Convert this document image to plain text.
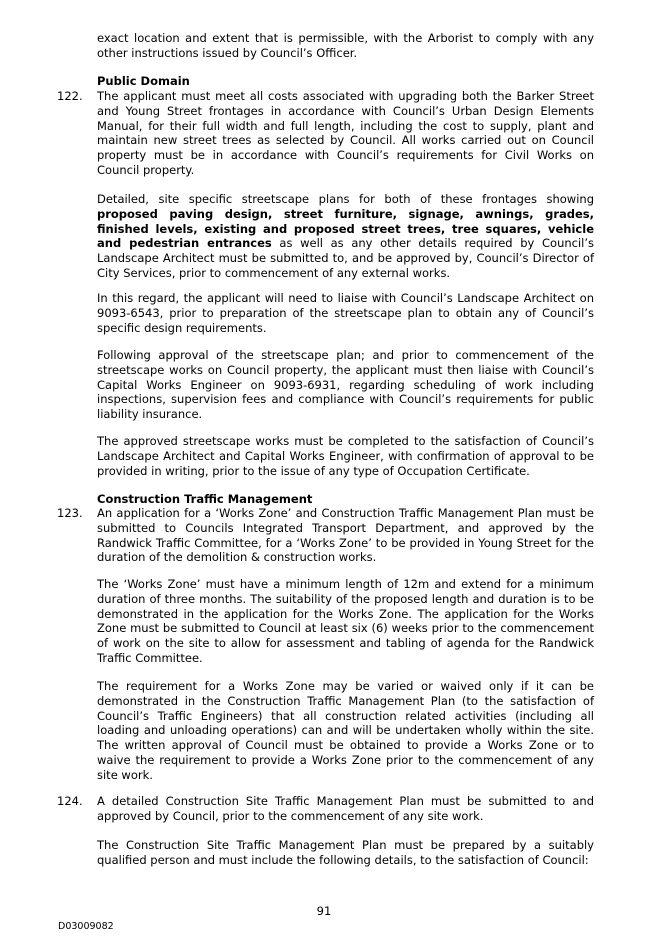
exact location and extent that is permissible, with the Arborist to comply with any other instructions issued by Council’s Officer.
Public Domain
122.	The applicant must meet all costs associated with upgrading both the Barker Street and Young Street frontages in accordance with Council’s Urban Design Elements Manual, for their full width and full length, including the cost to supply, plant and maintain new street trees as selected by Council. All works carried out on Council property must be in accordance with Council’s requirements for Civil Works on Council property.
Detailed, site specific streetscape plans for both of these frontages showing proposed paving design, street furniture, signage, awnings, grades, finished levels, existing and proposed street trees, tree squares, vehicle and pedestrian entrances as well as any other details required by Council’s Landscape Architect must be submitted to, and be approved by, Council’s Director of City Services, prior to commencement of any external works.
In this regard, the applicant will need to liaise with Council’s Landscape Architect on 9093-6543, prior to preparation of the streetscape plan to obtain any of Council’s specific design requirements.
Following approval of the streetscape plan; and prior to commencement of the streetscape works on Council property, the applicant must then liaise with Council’s Capital Works Engineer on 9093-6931, regarding scheduling of work including inspections, supervision fees and compliance with Council’s requirements for public liability insurance.
The approved streetscape works must be completed to the satisfaction of Council’s Landscape Architect and Capital Works Engineer, with confirmation of approval to be provided in writing, prior to the issue of any type of Occupation Certificate.
Construction Traffic Management
123.	An application for a ‘Works Zone’ and Construction Traffic Management Plan must be submitted to Councils Integrated Transport Department, and approved by the Randwick Traffic Committee, for a ‘Works Zone’ to be provided in Young Street for the duration of the demolition & construction works.
The ‘Works Zone’ must have a minimum length of 12m and extend for a minimum duration of three months. The suitability of the proposed length and duration is to be demonstrated in the application for the Works Zone. The application for the Works Zone must be submitted to Council at least six (6) weeks prior to the commencement of work on the site to allow for assessment and tabling of agenda for the Randwick Traffic Committee.
The requirement for a Works Zone may be varied or waived only if it can be demonstrated in the Construction Traffic Management Plan (to the satisfaction of Council’s Traffic Engineers) that all construction related activities (including all loading and unloading operations) can and will be undertaken wholly within the site. The written approval of Council must be obtained to provide a Works Zone or to waive the requirement to provide a Works Zone prior to the commencement of any site work.
124.	A detailed Construction Site Traffic Management Plan must be submitted to and approved by Council, prior to the commencement of any site work.
The Construction Site Traffic Management Plan must be prepared by a suitably qualified person and must include the following details, to the satisfaction of Council:
91
D03009082
